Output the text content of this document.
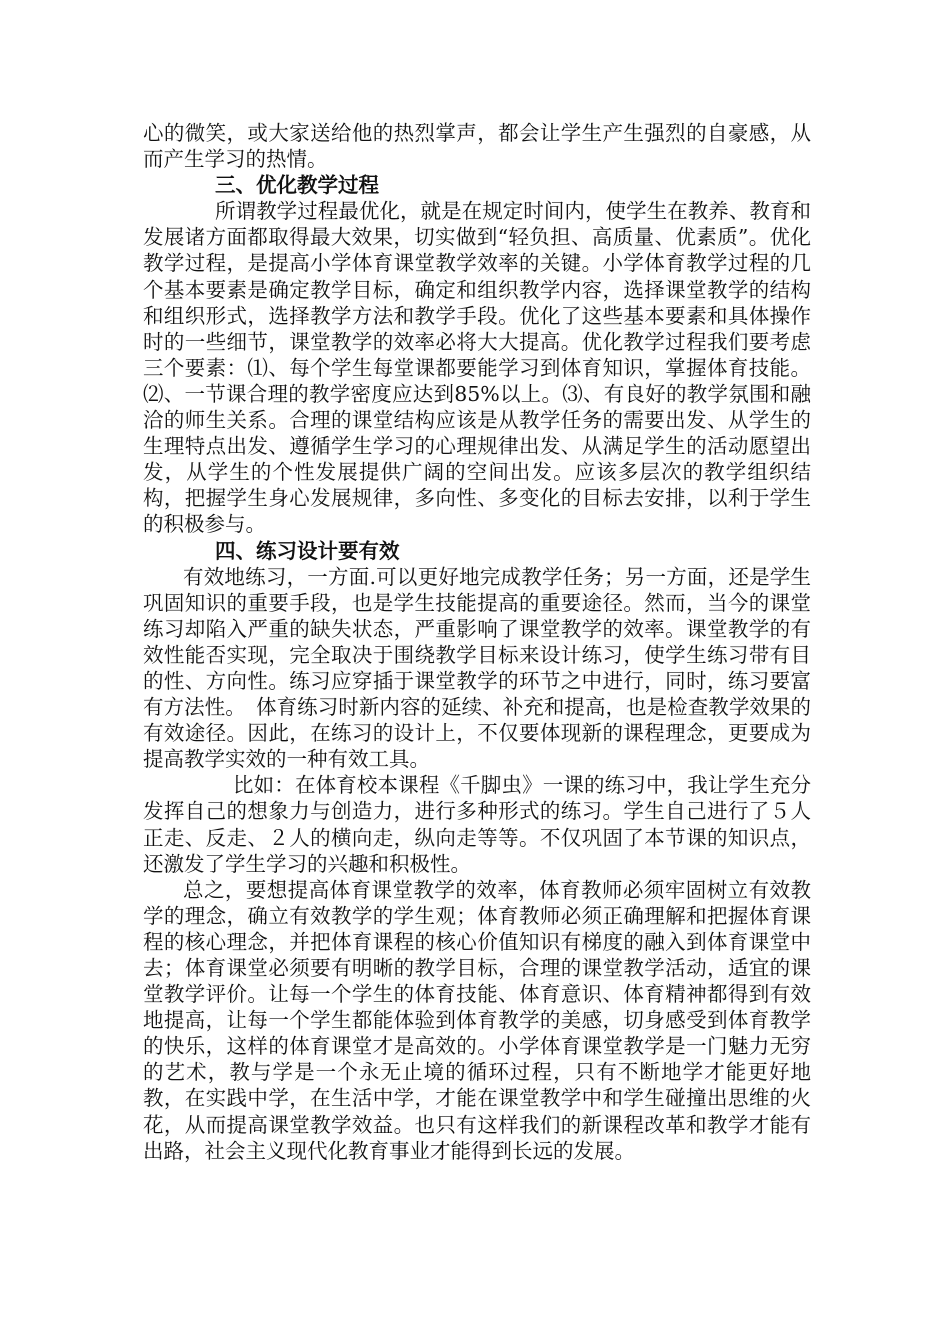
心的微笑，或大家送给他的热烈掌声，都会让学生产生强烈的自豪感，从而产生学习的热情。

三、优化教学过程

所谓教学过程最优化，就是在规定时间内，使学生在教养、教育和发展诸方面都取得最大效果，切实做到“轻负担、高质量、优素质”。优化教学过程，是提高小学体育课堂教学效率的关键。小学体育教学过程的几个基本要素是确定教学目标，确定和组织教学内容，选择课堂教学的结构和组织形式，选择教学方法和教学手段。优化了这些基本要素和具体操作时的一些细节，课堂教学的效率必将大大提高。优化教学过程我们要考虑三个要素：⑴、每个学生每堂课都要能学习到体育知识，掌握体育技能。⑵、一节课合理的教学密度应达到85%以上。⑶、有良好的教学氛围和融洽的师生关系。合理的课堂结构应该是从教学任务的需要出发、从学生的生理特点出发、遵循学生学习的心理规律出发、从满足学生的活动愿望出发，从学生的个性发展提供广阔的空间出发。应该多层次的教学组织结构，把握学生身心发展规律，多向性、多变化的目标去安排，以利于学生的积极参与。

四、练习设计要有效

有效地练习，一方面.可以更好地完成教学任务；另一方面，还是学生巩固知识的重要手段，也是学生技能提高的重要途径。然而，当今的课堂练习却陷入严重的缺失状态，严重影响了课堂教学的效率。课堂教学的有效性能否实现，完全取决于围绕教学目标来设计练习，使学生练习带有目的性、方向性。练习应穿插于课堂教学的环节之中进行，同时，练习要富有方法性。　体育练习时新内容的延续、补充和提高，也是检查教学效果的有效途径。因此，在练习的设计上，不仅要体现新的课程理念，更要成为提高教学实效的一种有效工具。

比如：在体育校本课程《千脚虫》一课的练习中，我让学生充分发挥自己的想象力与创造力，进行多种形式的练习。学生自己进行了５人正走、反走、２人的横向走，纵向走等等。不仅巩固了本节课的知识点，还激发了学生学习的兴趣和积极性。

总之，要想提高体育课堂教学的效率，体育教师必须牢固树立有效教学的理念，确立有效教学的学生观；体育教师必须正确理解和把握体育课程的核心理念，并把体育课程的核心价值知识有梯度的融入到体育课堂中去；体育课堂必须要有明晰的教学目标，合理的课堂教学活动，适宜的课堂教学评价。让每一个学生的体育技能、体育意识、体育精神都得到有效地提高，让每一个学生都能体验到体育教学的美感，切身感受到体育教学的快乐，这样的体育课堂才是高效的。小学体育课堂教学是一门魅力无穷的艺术，教与学是一个永无止境的循环过程，只有不断地学才能更好地教，在实践中学，在生活中学，才能在课堂教学中和学生碰撞出思维的火花，从而提高课堂教学效益。也只有这样我们的新课程改革和教学才能有出路，社会主义现代化教育事业才能得到长远的发展。
